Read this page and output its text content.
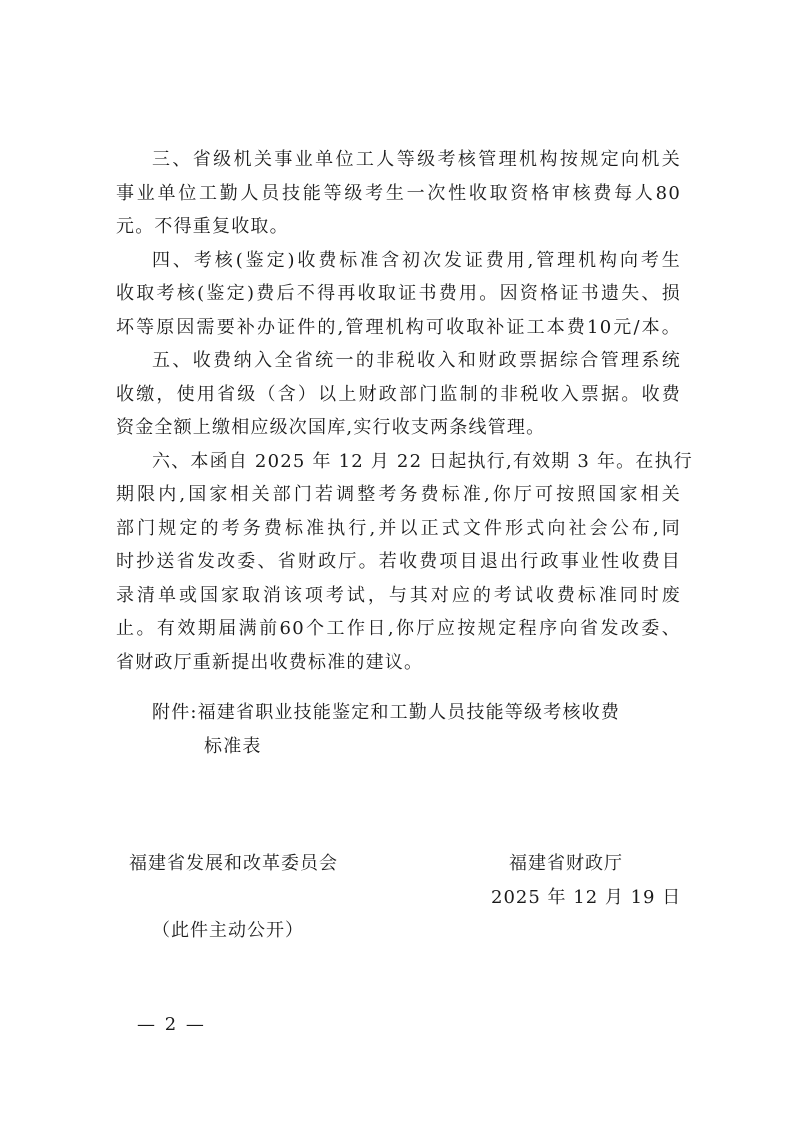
三、省级机关事业单位工人等级考核管理机构按规定向机关
事业单位工勤人员技能等级考生一次性收取资格审核费每人80
元。不得重复收取。
四、考核(鉴定)收费标准含初次发证费用,管理机构向考生
收取考核(鉴定)费后不得再收取证书费用。因资格证书遗失、损
坏等原因需要补办证件的,管理机构可收取补证工本费10元/本。
五、收费纳入全省统一的非税收入和财政票据综合管理系统
收缴，使用省级（含）以上财政部门监制的非税收入票据。收费
资金全额上缴相应级次国库,实行收支两条线管理。
六、本函自 2025 年 12 月 22 日起执行,有效期 3 年。在执行
期限内,国家相关部门若调整考务费标准,你厅可按照国家相关
部门规定的考务费标准执行,并以正式文件形式向社会公布,同
时抄送省发改委、省财政厅。若收费项目退出行政事业性收费目
录清单或国家取消该项考试，与其对应的考试收费标准同时废
止。有效期届满前60个工作日,你厅应按规定程序向省发改委、
省财政厅重新提出收费标准的建议。
附件:福建省职业技能鉴定和工勤人员技能等级考核收费
标准表
福建省发展和改革委员会	福建省财政厅
2025 年 12 月 19 日
（此件主动公开）
— 2 —
